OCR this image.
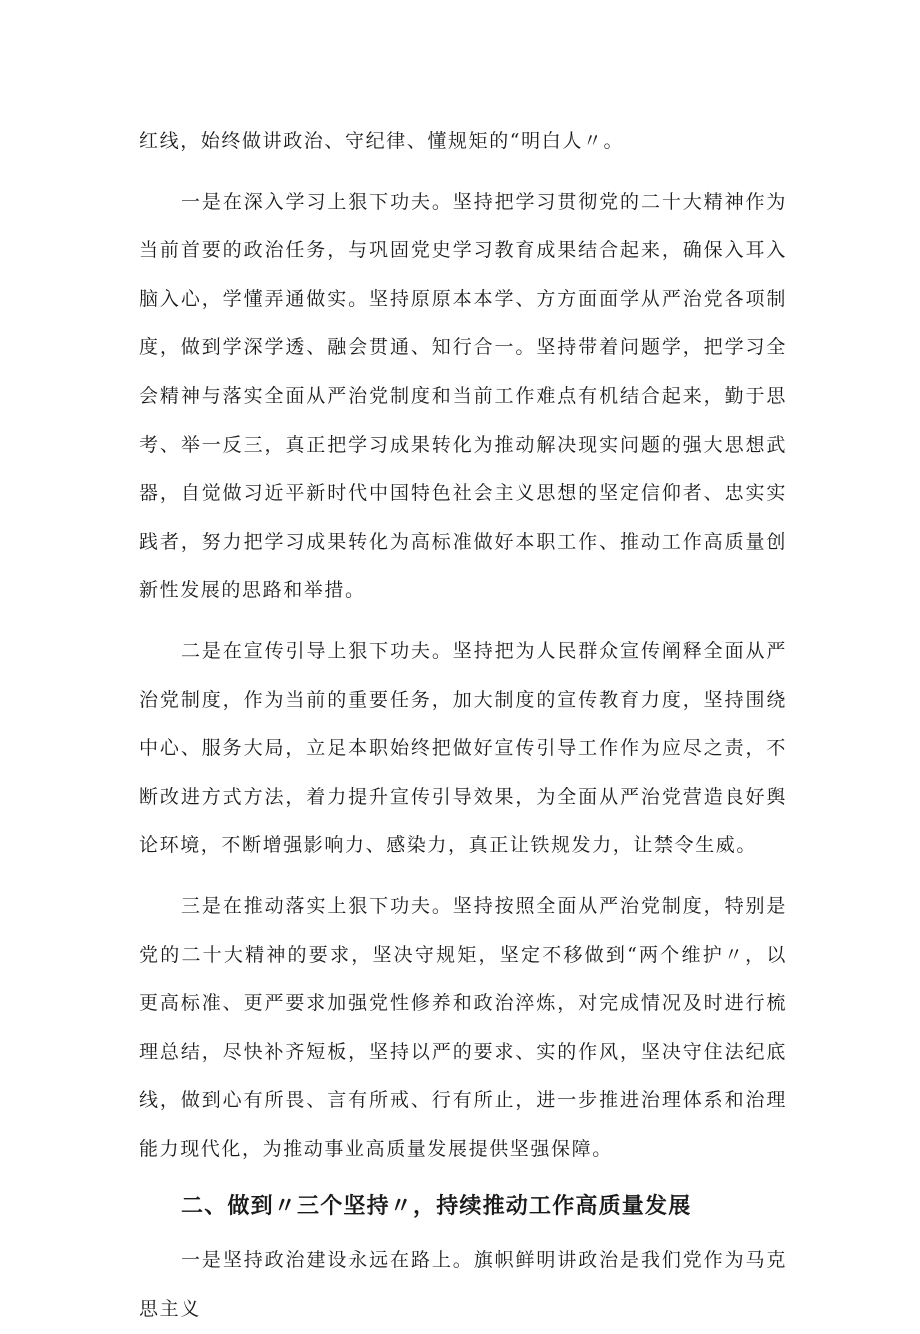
红线，始终做讲政治、守纪律、懂规矩的“明白人〃。

一是在深入学习上狠下功夫。坚持把学习贯彻党的二十大精神作为当前首要的政治任务，与巩固党史学习教育成果结合起来，确保入耳入脑入心，学懂弄通做实。坚持原原本本学、方方面面学从严治党各项制度，做到学深学透、融会贯通、知行合一。坚持带着问题学，把学习全会精神与落实全面从严治党制度和当前工作难点有机结合起来，勤于思考、举一反三，真正把学习成果转化为推动解决现实问题的强大思想武器，自觉做习近平新时代中国特色社会主义思想的坚定信仰者、忠实实践者，努力把学习成果转化为高标准做好本职工作、推动工作高质量创新性发展的思路和举措。

二是在宣传引导上狠下功夫。坚持把为人民群众宣传阐释全面从严治党制度，作为当前的重要任务，加大制度的宣传教育力度，坚持围绕中心、服务大局，立足本职始终把做好宣传引导工作作为应尽之责，不断改进方式方法，着力提升宣传引导效果，为全面从严治党营造良好舆论环境，不断增强影响力、感染力，真正让铁规发力，让禁令生威。

三是在推动落实上狠下功夫。坚持按照全面从严治党制度，特别是党的二十大精神的要求，坚决守规矩，坚定不移做到“两个维护〃，以更高标准、更严要求加强党性修养和政治淬炼，对完成情况及时进行梳理总结，尽快补齐短板，坚持以严的要求、实的作风，坚决守住法纪底线，做到心有所畏、言有所戒、行有所止，进一步推进治理体系和治理能力现代化，为推动事业高质量发展提供坚强保障。

二、做到〃三个坚持〃，持续推动工作高质量发展

一是坚持政治建设永远在路上。旗帜鲜明讲政治是我们党作为马克思主义
